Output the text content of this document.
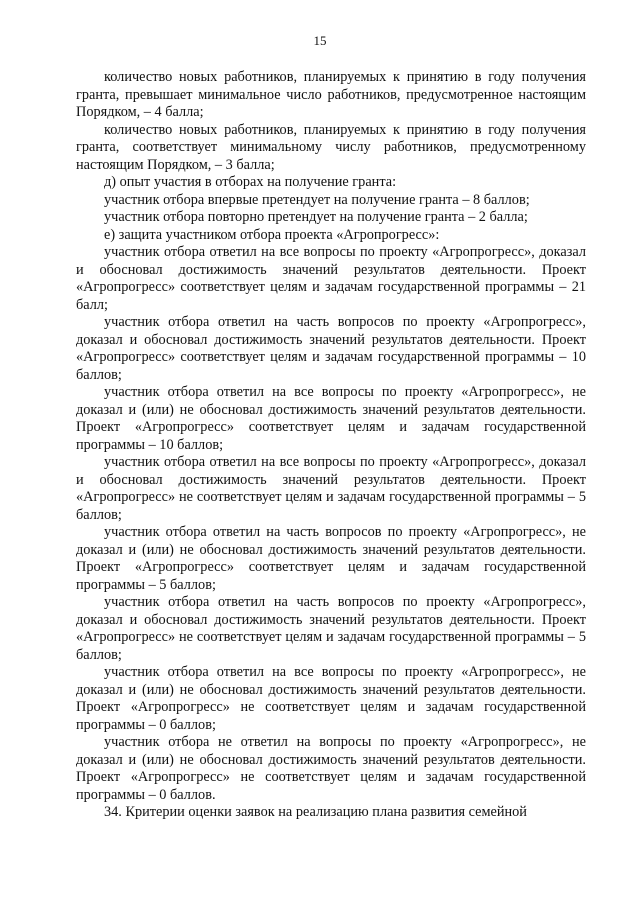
15

количество новых работников, планируемых к принятию в году получения гранта, превышает минимальное число работников, предусмотренное настоящим Порядком, – 4 балла;

количество новых работников, планируемых к принятию в году получения гранта, соответствует минимальному числу работников, предусмотренному настоящим Порядком, – 3 балла;

д) опыт участия в отборах на получение гранта:

участник отбора впервые претендует на получение гранта – 8 баллов;

участник отбора повторно претендует на получение гранта – 2 балла;

е) защита участником отбора проекта «Агропрогресс»:

участник отбора ответил на все вопросы по проекту «Агропрогресс», доказал и обосновал достижимость значений результатов деятельности. Проект «Агропрогресс» соответствует целям и задачам государственной программы – 21 балл;

участник отбора ответил на часть вопросов по проекту «Агропрогресс», доказал и обосновал достижимость значений результатов деятельности. Проект «Агропрогресс» соответствует целям и задачам государственной программы – 10 баллов;

участник отбора ответил на все вопросы по проекту «Агропрогресс», не доказал и (или) не обосновал достижимость значений результатов деятельности. Проект «Агропрогресс» соответствует целям и задачам государственной программы – 10 баллов;

участник отбора ответил на все вопросы по проекту «Агропрогресс», доказал и обосновал достижимость значений результатов деятельности. Проект «Агропрогресс» не соответствует целям и задачам государственной программы – 5 баллов;

участник отбора ответил на часть вопросов по проекту «Агропрогресс», не доказал и (или) не обосновал достижимость значений результатов деятельности. Проект «Агропрогресс» соответствует целям и задачам государственной программы – 5 баллов;

участник отбора ответил на часть вопросов по проекту «Агропрогресс», доказал и обосновал достижимость значений результатов деятельности. Проект «Агропрогресс» не соответствует целям и задачам государственной программы – 5 баллов;

участник отбора ответил на все вопросы по проекту «Агропрогресс», не доказал и (или) не обосновал достижимость значений результатов деятельности. Проект «Агропрогресс» не соответствует целям и задачам государственной программы – 0 баллов;

участник отбора не ответил на вопросы по проекту «Агропрогресс», не доказал и (или) не обосновал достижимость значений результатов деятельности. Проект «Агропрогресс» не соответствует целям и задачам государственной программы – 0 баллов.

34. Критерии оценки заявок на реализацию плана развития семейной
